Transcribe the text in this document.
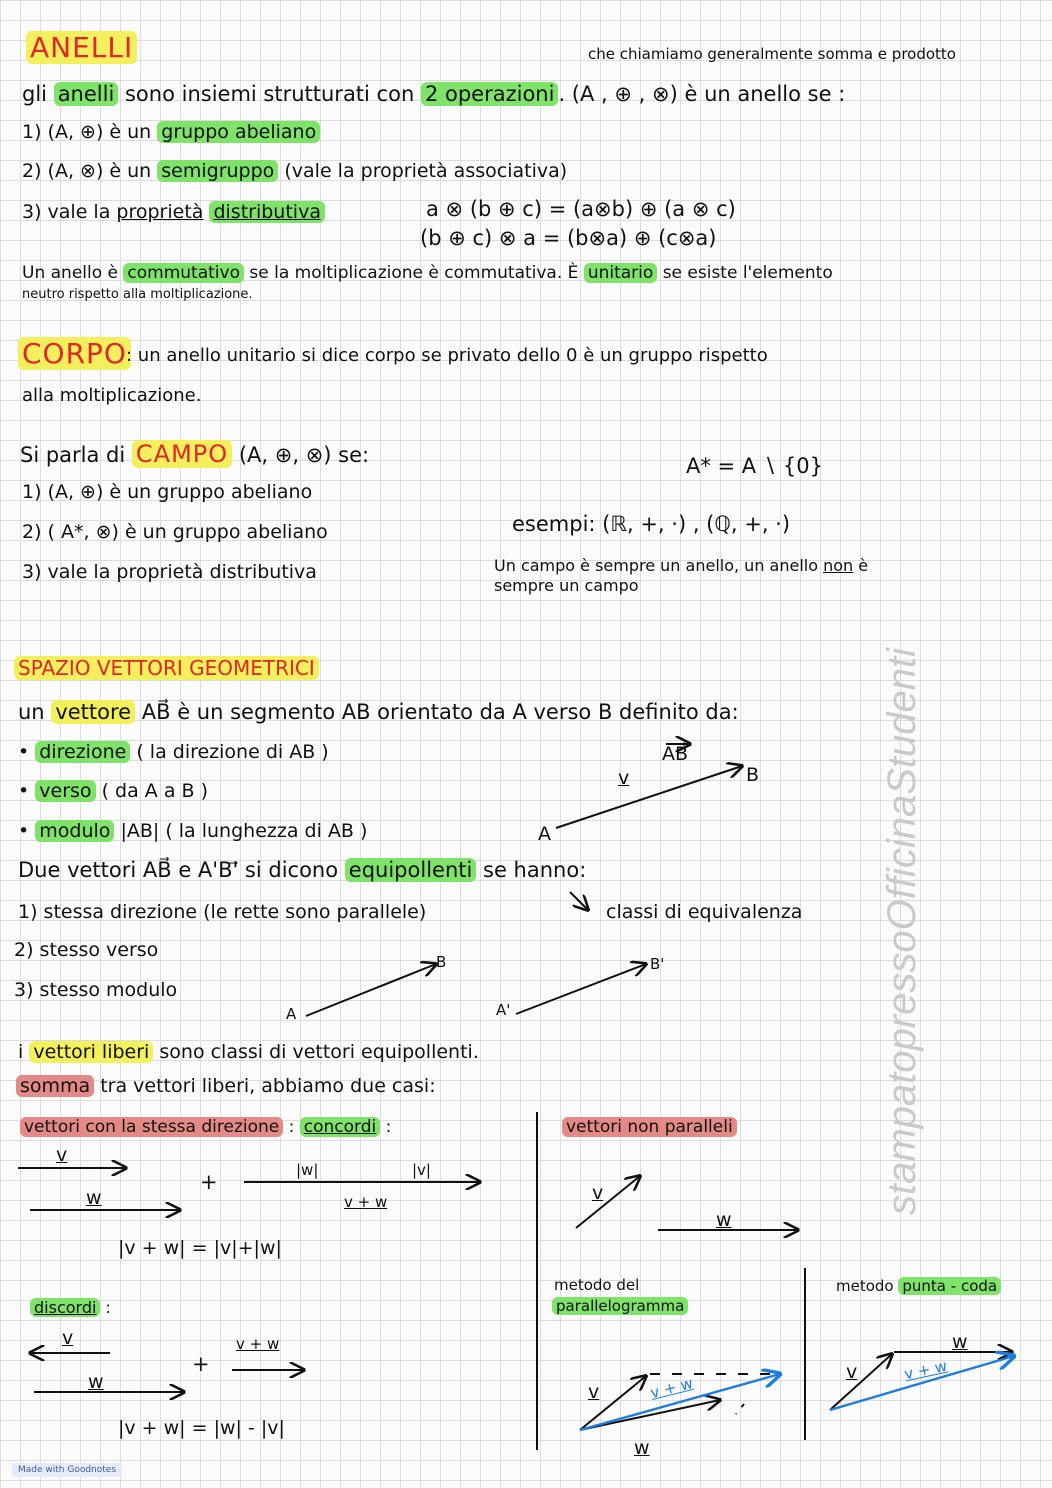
che chiamiamo generalmente somma e prodotto
ANELLI
gli anelli sono insiemi strutturati con 2 operazioni . (A , ⊕ , ⊗) è un anello se :
1) (A, ⊕) è un gruppo abeliano
2) (A, ⊗) è un semigruppo (vale la proprietà associativa)
3) vale la proprietà distributiva	a ⊗ (b ⊕ c) = (a⊗b) ⊕ (a ⊗ c)
(b ⊕ c) ⊗ a = (b⊗a) ⊕ (c⊗a)
Un anello è commutativo se la moltiplicazione è commutativa. È unitario se esiste l'elemento
neutro rispetto alla moltiplicazione.
CORPO : un anello unitario si dice corpo se privato dello 0 è un gruppo rispetto
alla moltiplicazione.
Si parla di CAMPO (A, ⊕, ⊗) se:
1) (A, ⊕) è un gruppo abeliano
2) ( A*, ⊗) è un gruppo abeliano
3) vale la proprietà distributiva
A* = A ∖ {0}
esempi: (ℝ, +, ·) , (ℚ, +, ·)
Un campo è sempre un anello, un anello non è
sempre un campo
SPAZIO VETTORI GEOMETRICI
un vettore AB⃗ è un segmento AB orientato da A verso B definito da:
• direzione ( la direzione di AB )
• verso ( da A a B )
• modulo |AB| ( la lunghezza di AB )
v
AB⃗
A
B
Due vettori AB⃗ e A'B'⃗ si dicono equipollenti se hanno:
1) stessa direzione (le rette sono parallele)
2) stesso verso
3) stesso modulo
classi di equivalenza
A
B
A'
B'
i vettori liberi sono classi di vettori equipollenti.
somma tra vettori liberi, abbiamo due casi:
vettori con la stessa direzione : concordi :
v
w
+	|w|	|v|
v + w
|v + w| = |v|+|w|
discordi :
v
w
+
v + w
|v + w| = |w| - |v|
vettori non paralleli
v
w
metodo del
parallelogramma
metodo punta - coda
v
w
v + w
v
w
v + w
stampatopressoOfficinaStudenti
Made with Goodnotes
